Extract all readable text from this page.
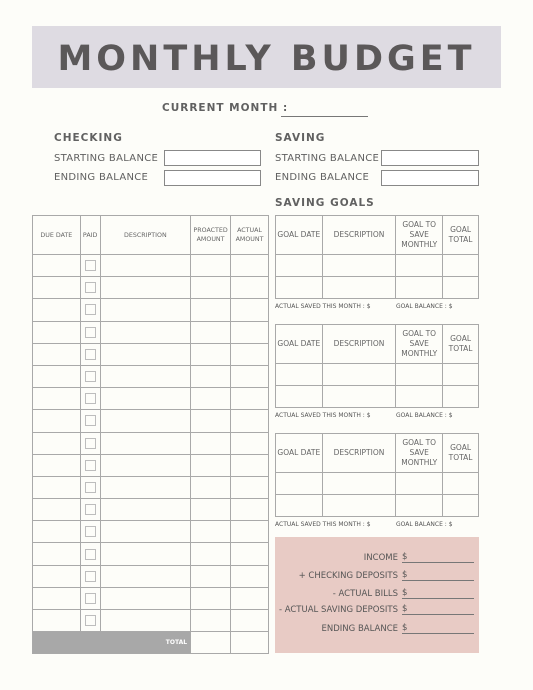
MONTHLY BUDGET
CURRENT MONTH :
CHECKING
STARTING BALANCE
ENDING BALANCE
SAVING
STARTING BALANCE
ENDING BALANCE
SAVING GOALS
DUE DATE	PAID	DESCRIPTION	PROACTED AMOUNT	ACTUAL AMOUNT

TOTAL				
GOAL DATE	DESCRIPTION	GOAL TO SAVE MONTHLY	GOAL TOTAL

ACTUAL SAVED THIS MONTH : $	GOAL BALANCE : $
GOAL DATE	DESCRIPTION	GOAL TO SAVE MONTHLY	GOAL TOTAL

ACTUAL SAVED THIS MONTH : $	GOAL BALANCE : $
GOAL DATE	DESCRIPTION	GOAL TO SAVE MONTHLY	GOAL TOTAL

ACTUAL SAVED THIS MONTH : $	GOAL BALANCE : $
INCOME $
+ CHECKING DEPOSITS $
- ACTUAL BILLS $
- ACTUAL SAVING DEPOSITS $
ENDING BALANCE $
